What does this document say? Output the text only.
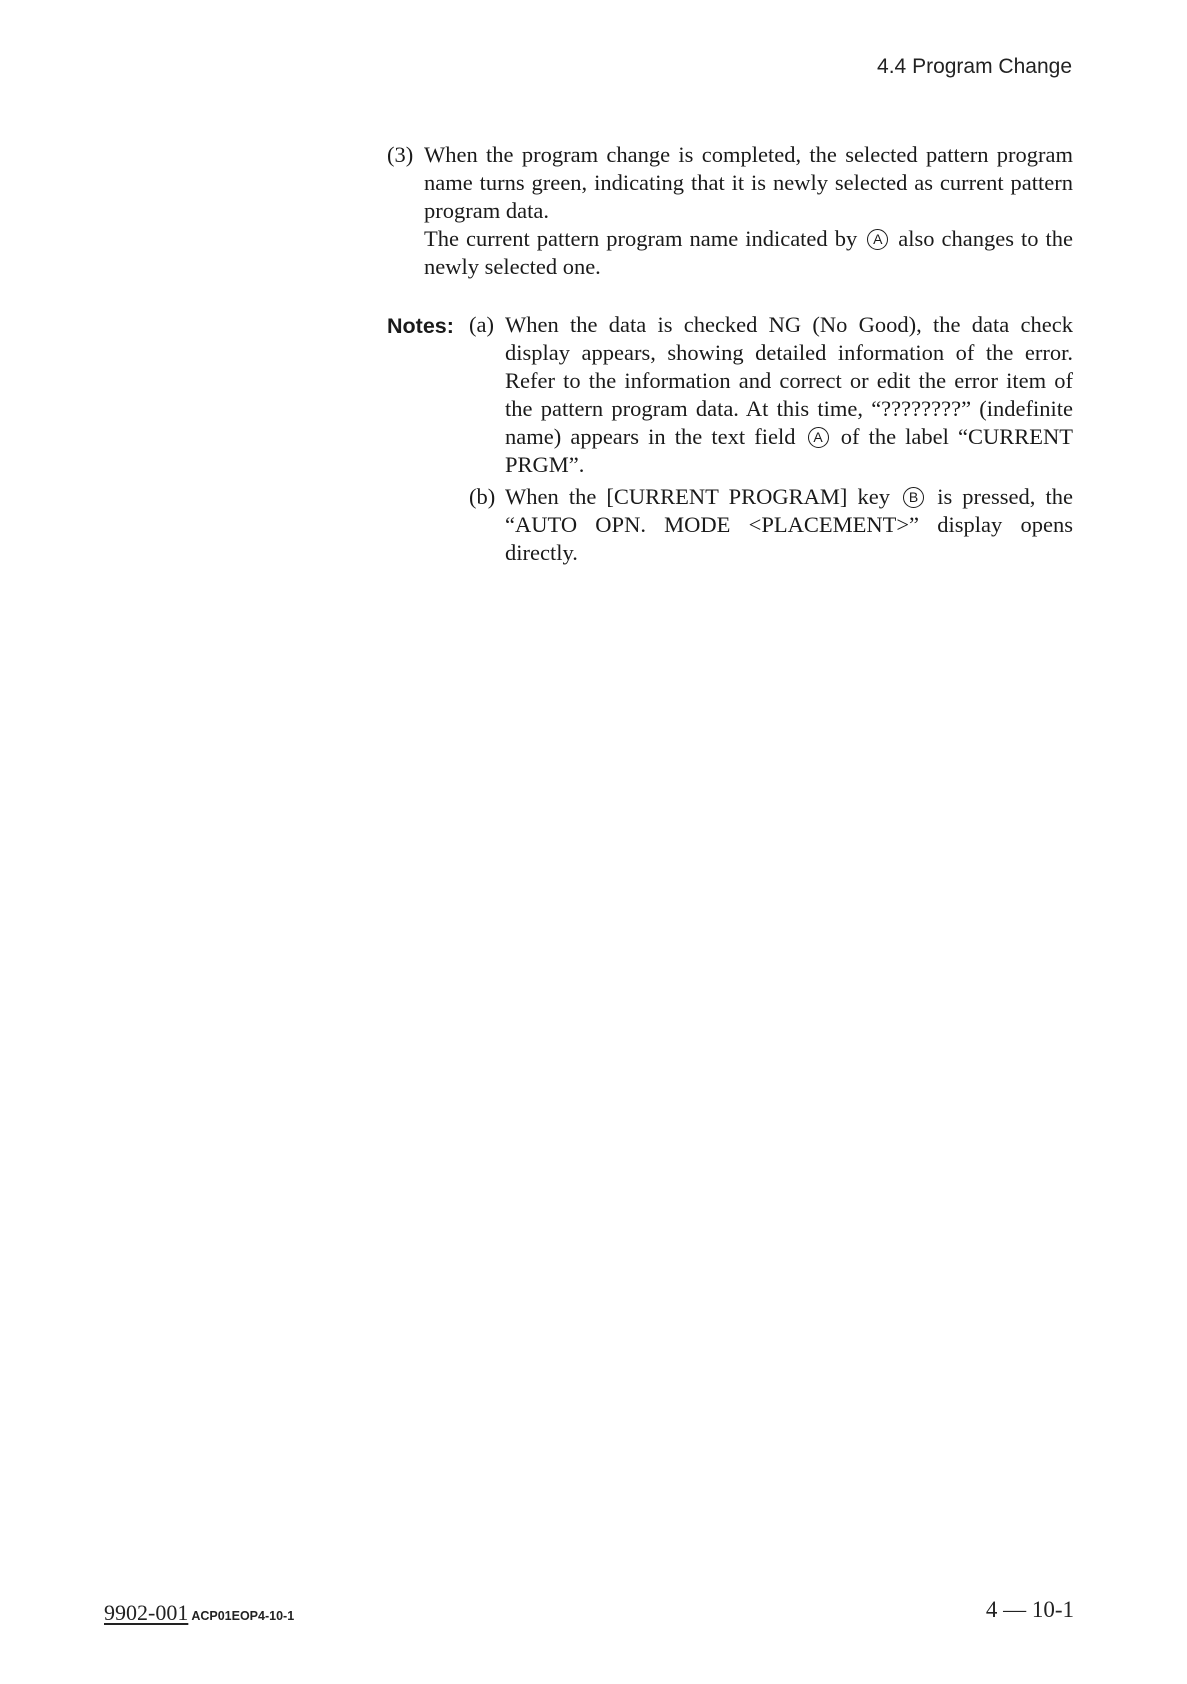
4.4 Program Change
(3) When the program change is completed, the selected pattern program name turns green, indicating that it is newly selected as current pattern program data.

The current pattern program name indicated by A also changes to the newly selected one.

Notes: (a) When the data is checked NG (No Good), the data check display appears, showing detailed information of the error. Refer to the information and correct or edit the error item of the pattern program data. At this time, “????????” (indefinite name) appears in the text field A of the label “CURRENT PRGM”.
(b) When the [CURRENT PROGRAM] key B is pressed, the “AUTO OPN. MODE <PLACEMENT>” display opens directly.
9902-001 ACP01EOP4-10-1	4 — 10-1
